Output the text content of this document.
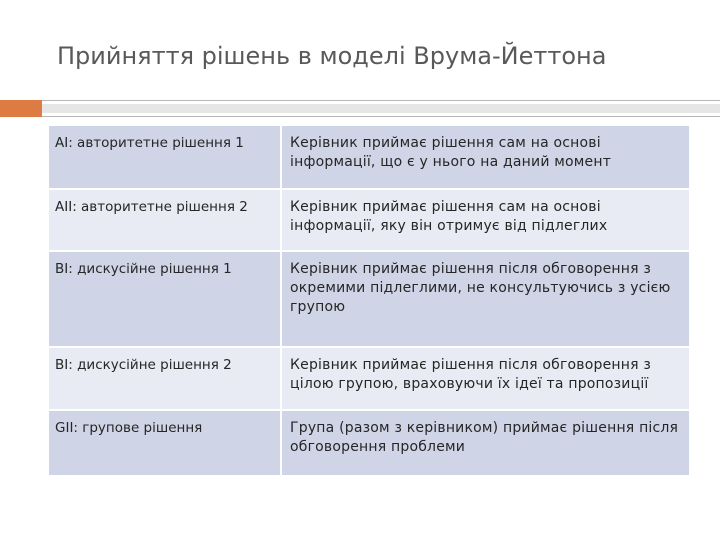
Прийняття рішень в моделі Врума-Йеттона
AI: авторитетне рішення 1	Керівник приймає рішення сам на основі інформації, що є у нього на даний момент
AII: авторитетне рішення 2	Керівник приймає рішення сам на основі інформації, яку він отримує від підлеглих
BI: дискусійне рішення 1	Керівник приймає рішення після обговорення з окремими підлеглими, не консультуючись з усією групою
BI: дискусійне рішення 2	Керівник приймає рішення після обговорення з цілою групою, враховуючи їх ідеї та пропозиції
GII: групове рішення	Група (разом з керівником) приймає рішення після обговорення проблеми
